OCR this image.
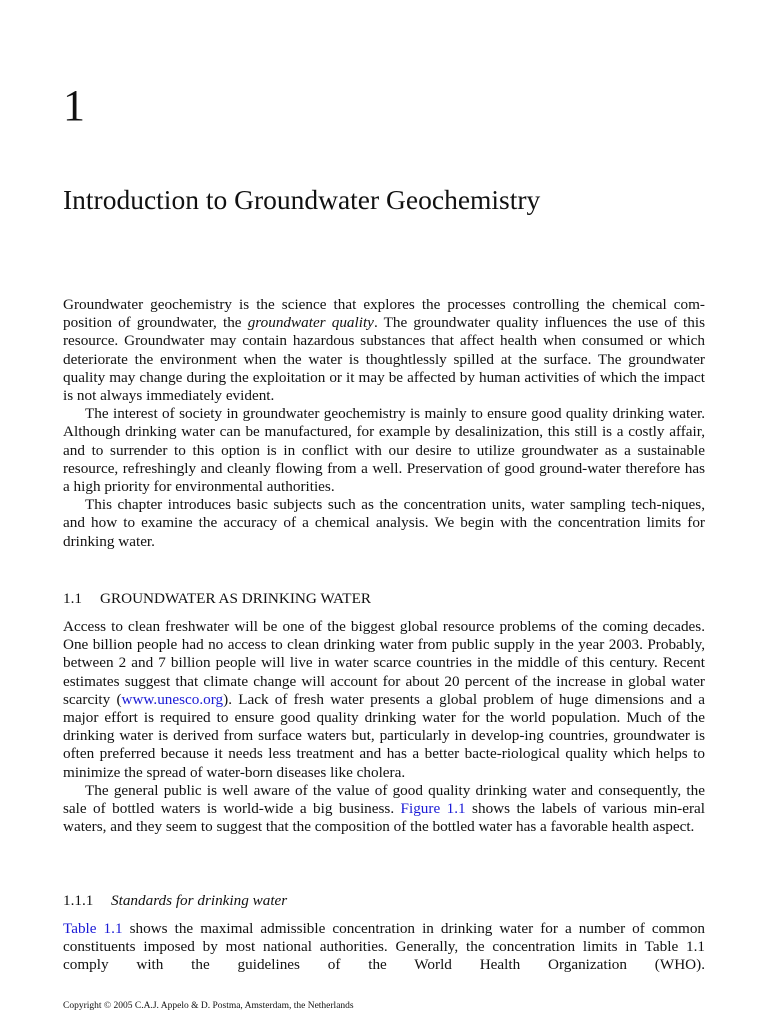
1
Introduction to Groundwater Geochemistry

Groundwater geochemistry is the science that explores the processes controlling the chemical com-position of groundwater, the groundwater quality. The groundwater quality influences the use of this resource. Groundwater may contain hazardous substances that affect health when consumed or which deteriorate the environment when the water is thoughtlessly spilled at the surface. The groundwater quality may change during the exploitation or it may be affected by human activities of which the impact is not always immediately evident.

The interest of society in groundwater geochemistry is mainly to ensure good quality drinking water. Although drinking water can be manufactured, for example by desalinization, this still is a costly affair, and to surrender to this option is in conflict with our desire to utilize groundwater as a sustainable resource, refreshingly and cleanly flowing from a well. Preservation of good ground-water therefore has a high priority for environmental authorities.

This chapter introduces basic subjects such as the concentration units, water sampling tech-niques, and how to examine the accuracy of a chemical analysis. We begin with the concentration limits for drinking water.

1.1 GROUNDWATER AS DRINKING WATER

Access to clean freshwater will be one of the biggest global resource problems of the coming decades. One billion people had no access to clean drinking water from public supply in the year 2003. Probably, between 2 and 7 billion people will live in water scarce countries in the middle of this century. Recent estimates suggest that climate change will account for about 20 percent of the increase in global water scarcity (www.unesco.org). Lack of fresh water presents a global problem of huge dimensions and a major effort is required to ensure good quality drinking water for the world population. Much of the drinking water is derived from surface waters but, particularly in develop-ing countries, groundwater is often preferred because it needs less treatment and has a better bacte-riological quality which helps to minimize the spread of water-born diseases like cholera.

The general public is well aware of the value of good quality drinking water and consequently, the sale of bottled waters is world-wide a big business. Figure 1.1 shows the labels of various min-eral waters, and they seem to suggest that the composition of the bottled water has a favorable health aspect.

1.1.1 Standards for drinking water

Table 1.1 shows the maximal admissible concentration in drinking water for a number of common constituents imposed by most national authorities. Generally, the concentration limits in Table 1.1 comply with the guidelines of the World Health Organization (WHO).

Copyright © 2005 C.A.J. Appelo & D. Postma, Amsterdam, the Netherlands
